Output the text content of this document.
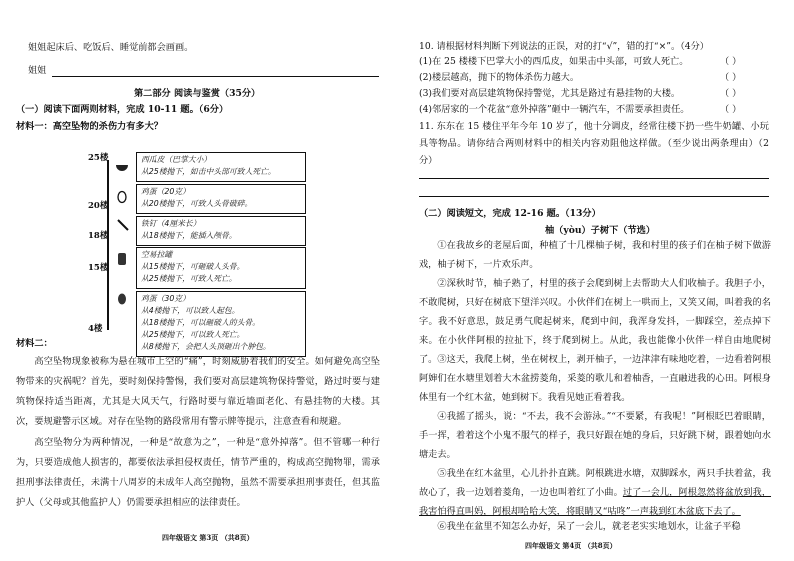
姐姐起床后、吃饭后、睡觉前都会画画。
姐姐
第二部分 阅读与鉴赏（35分）
（一）阅读下面两则材料，完成 10-11 题。（6分）
材料一：高空坠物的杀伤力有多大？
25楼
20楼
18楼
15楼
4楼
西瓜皮（巴掌大小）
从25楼抛下，如击中头部可致人死亡。
鸡蛋（20克）
从20楼抛下，可致人头骨破碎。
铁钉（4厘米长）
从18楼抛下，能插入颅骨。
空易拉罐
从15楼抛下，可砸破人头骨。
从25楼抛下，可致人死亡。
鸡蛋（30克）
从4楼抛下，可以致人起包。
从18楼抛下，可以砸破人的头骨。
从25楼抛下，可以致人死亡。
从8楼抛下，会把人头顶砸出个肿包。
材料二：
高空坠物现象被称为悬在城市上空的“痛”，时刻威胁着我们的安全。如何避免高空坠物带来的灾祸呢？首先，要时刻保持警惕，我们要对高层建筑物保持警觉，路过时要与建筑物保持适当距离，尤其是大风天气，行路时要与靠近墙面老化、有悬挂物的大楼。其次，要规避警示区域。对存在坠物的路段常用有警示牌等提示，注意查看和规避。
高空坠物分为两种情况，一种是“故意为之”，一种是“意外掉落”。但不管哪一种行为，只要造成他人损害的，都要依法承担侵权责任，情节严重的，构成高空抛物罪，需承担刑事法律责任，未满十八周岁的未成年人高空抛物，虽然不需要承担刑事责任，但其监护人（父母或其他监护人）仍需要承担相应的法律责任。
四年级语文 第3页 （共8页）
10. 请根据材料判断下列说法的正误，对的打“√”，错的打“×”。（4分）
(1)在 25 楼楼下巴掌大小的西瓜皮，如果击中头部，可致人死亡。	（ ）
(2)楼层越高，抛下的物体杀伤力越大。	（ ）
(3)我们要对高层建筑物保持警觉，尤其是路过有悬挂物的大楼。	（ ）
(4)邻居家的一个花盆“意外掉落”砸中一辆汽车，不需要承担责任。	（ ）
11. 东东在 15 楼住平年今年 10 岁了，他十分调皮，经常往楼下扔一些牛奶罐、小玩具等物品。请你结合两则材料中的相关内容劝阻他这样做。（至少说出两条理由）（2分）
（二）阅读短文，完成 12-16 题。（13分）
柚（yòu）子树下（节选）
①在我故乡的老屋后面，种植了十几棵柚子树，我和村里的孩子们在柚子树下做游戏，柚子树下，一片欢乐声。
②深秋时节，柚子熟了，村里的孩子会爬到树上去帮助大人们收柚子。我胆子小，不敢爬树，只好在树底下望洋兴叹。小伙伴们在树上一哄而上，又笑又闹，叫着我的名字。我不好意思，鼓足勇气爬起树来，爬到中间，我浑身发抖，一脚踩空，差点掉下来。在小伙伴阿根的拉扯下，终于爬到树上。从此，我也能像小伙伴一样自由地爬树了。 ③这天，我爬上树，坐在树杈上，剥开柚子，一边津津有味地吃着，一边看着阿根阿婶们在水塘里划着大木盆捞菱角，采菱的歌儿和着柚香，一直融进我的心田。阿根身体里有一个红木盆，她到树下。我看见她正看着我。
④我摇了摇头，说：“不去，我不会游泳。”“不要紧，有我呢！”阿根眨巴着眼睛，手一挥，着着这个小鬼不服气的样子，我只好跟在她的身后，只好跳下树，跟着她向水塘走去。
⑤我坐在红木盆里，心儿扑扑直跳。阿根跳进水塘，双脚踩水，两只手扶着盆，我故心了，我一边划着菱角，一边也叫着红了小曲。过了一会儿，阿根忽然将盆放到我，我害怕得直叫妈，阿根却哈哈大笑，将眼睛又“咕咚”一声栽到红木盆底下去了。
⑥我坐在盆里不知怎么办好，呆了一会儿，就老老实实地划水，让盆子平稳
四年级语文 第4页 （共8页）
